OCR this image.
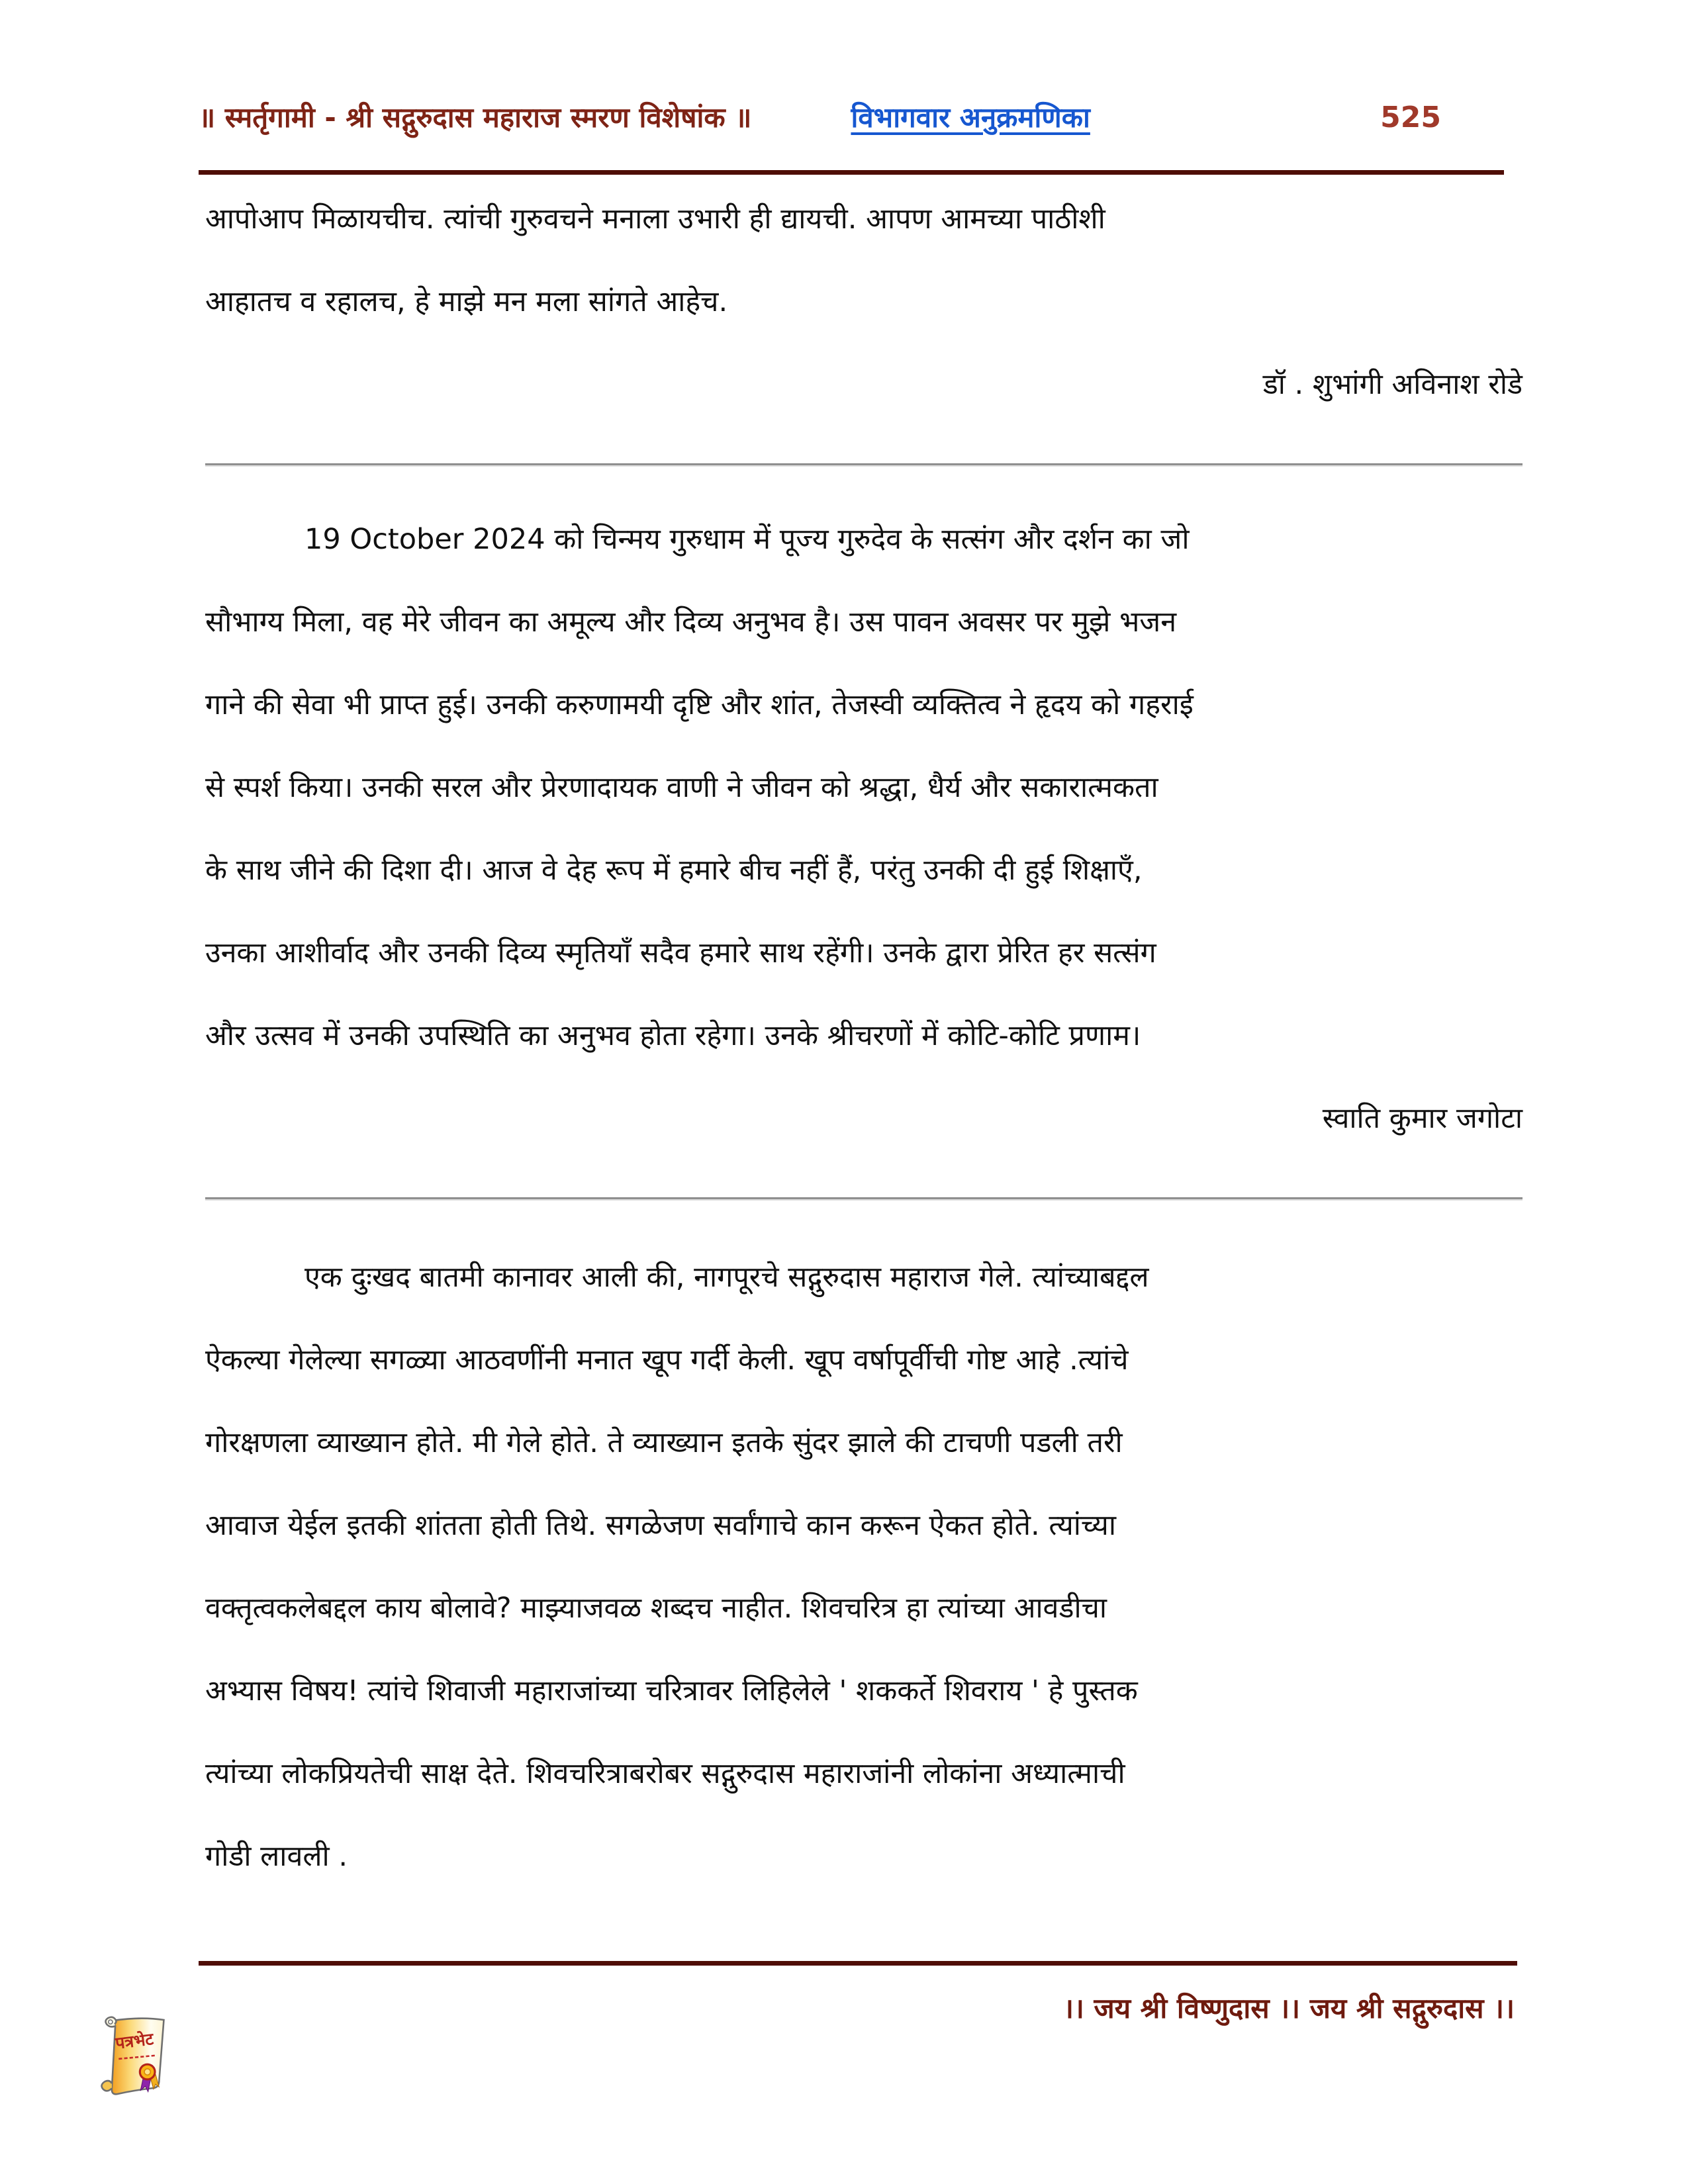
॥ स्मर्तृगामी - श्री सद्गुरुदास महाराज स्मरण विशेषांक ॥	विभागवार अनुक्रमणिका	525
आपोआप मिळायचीच. त्यांची गुरुवचने मनाला उभारी ही द्यायची. आपण आमच्या पाठीशी
आहातच व रहालच, हे माझे मन मला सांगते आहेच.
डॉ . शुभांगी अविनाश रोडे
19 October 2024 को चिन्मय गुरुधाम में पूज्य गुरुदेव के सत्संग और दर्शन का जो
सौभाग्य मिला, वह मेरे जीवन का अमूल्य और दिव्य अनुभव है। उस पावन अवसर पर मुझे भजन
गाने की सेवा भी प्राप्त हुई। उनकी करुणामयी दृष्टि और शांत, तेजस्वी व्यक्तित्व ने हृदय को गहराई
से स्पर्श किया। उनकी सरल और प्रेरणादायक वाणी ने जीवन को श्रद्धा, धैर्य और सकारात्मकता
के साथ जीने की दिशा दी। आज वे देह रूप में हमारे बीच नहीं हैं, परंतु उनकी दी हुई शिक्षाएँ,
उनका आशीर्वाद और उनकी दिव्य स्मृतियाँ सदैव हमारे साथ रहेंगी। उनके द्वारा प्रेरित हर सत्संग
और उत्सव में उनकी उपस्थिति का अनुभव होता रहेगा। उनके श्रीचरणों में कोटि-कोटि प्रणाम।
स्वाति कुमार जगोटा
एक दुःखद बातमी कानावर आली की, नागपूरचे सद्गुरुदास महाराज गेले. त्यांच्याबद्दल
ऐकल्या गेलेल्या सगळ्या आठवणींनी मनात खूप गर्दी केली. खूप वर्षापूर्वीची गोष्ट आहे .त्यांचे
गोरक्षणला व्याख्यान होते. मी गेले होते. ते व्याख्यान इतके सुंदर झाले की टाचणी पडली तरी
आवाज येईल इतकी शांतता होती तिथे. सगळेजण सर्वांगाचे कान करून ऐकत होते. त्यांच्या
वक्तृत्वकलेबद्दल काय बोलावे? माझ्याजवळ शब्दच नाहीत. शिवचरित्र हा त्यांच्या आवडीचा
अभ्यास विषय! त्यांचे शिवाजी महाराजांच्या चरित्रावर लिहिलेले ' शककर्ते शिवराय ' हे पुस्तक
त्यांच्या लोकप्रियतेची साक्ष देते. शिवचरित्राबरोबर सद्गुरुदास महाराजांनी लोकांना अध्यात्माची
गोडी लावली .
।। जय श्री विष्णुदास ।। जय श्री सद्गुरुदास ।।
पत्रभेट
